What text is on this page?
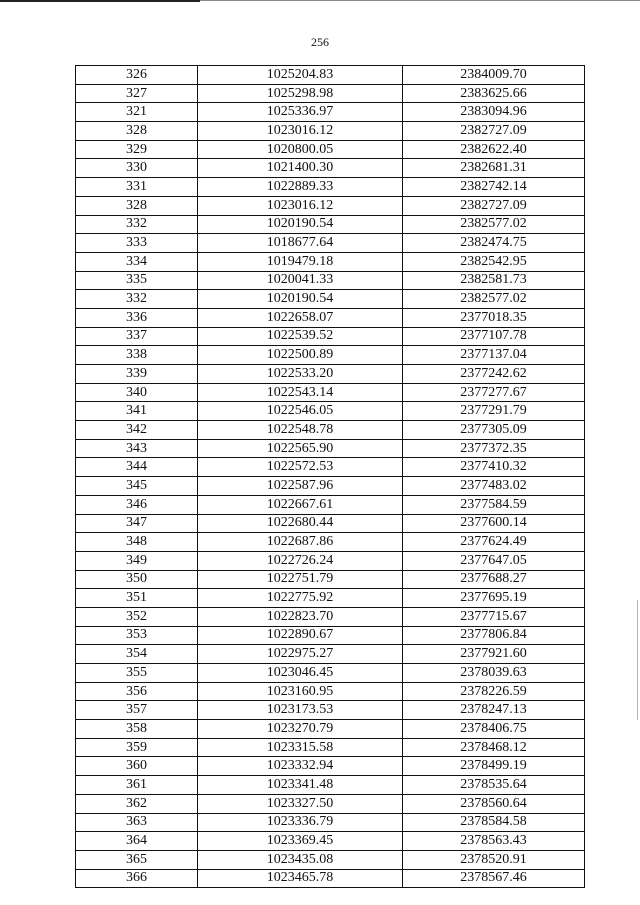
256
326	1025204.83	2384009.70
327	1025298.98	2383625.66
321	1025336.97	2383094.96
328	1023016.12	2382727.09
329	1020800.05	2382622.40
330	1021400.30	2382681.31
331	1022889.33	2382742.14
328	1023016.12	2382727.09
332	1020190.54	2382577.02
333	1018677.64	2382474.75
334	1019479.18	2382542.95
335	1020041.33	2382581.73
332	1020190.54	2382577.02
336	1022658.07	2377018.35
337	1022539.52	2377107.78
338	1022500.89	2377137.04
339	1022533.20	2377242.62
340	1022543.14	2377277.67
341	1022546.05	2377291.79
342	1022548.78	2377305.09
343	1022565.90	2377372.35
344	1022572.53	2377410.32
345	1022587.96	2377483.02
346	1022667.61	2377584.59
347	1022680.44	2377600.14
348	1022687.86	2377624.49
349	1022726.24	2377647.05
350	1022751.79	2377688.27
351	1022775.92	2377695.19
352	1022823.70	2377715.67
353	1022890.67	2377806.84
354	1022975.27	2377921.60
355	1023046.45	2378039.63
356	1023160.95	2378226.59
357	1023173.53	2378247.13
358	1023270.79	2378406.75
359	1023315.58	2378468.12
360	1023332.94	2378499.19
361	1023341.48	2378535.64
362	1023327.50	2378560.64
363	1023336.79	2378584.58
364	1023369.45	2378563.43
365	1023435.08	2378520.91
366	1023465.78	2378567.46
